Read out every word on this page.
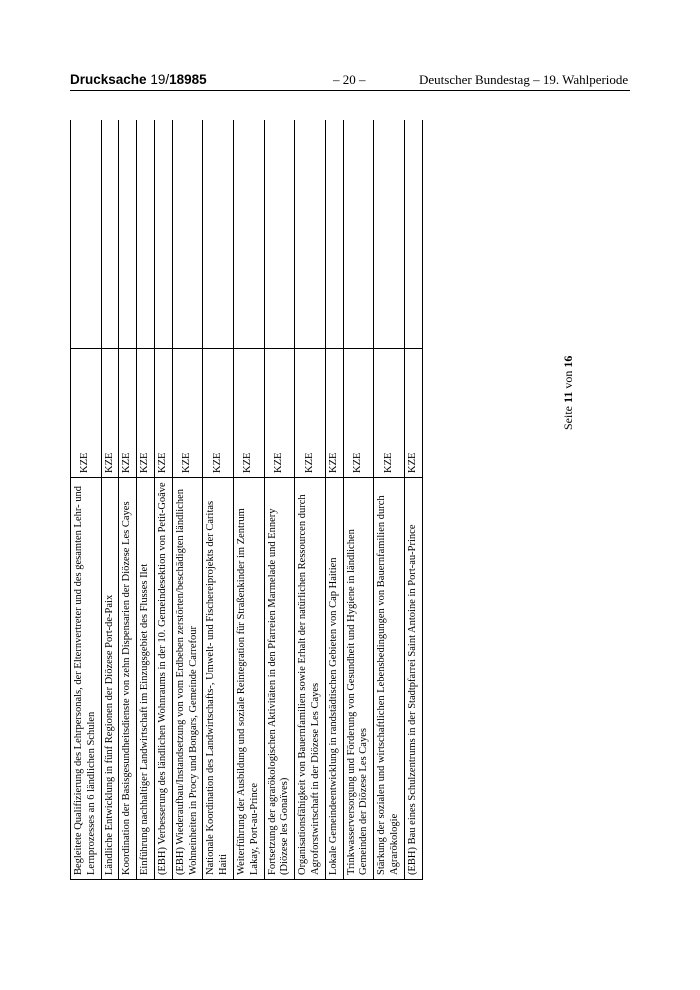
Drucksache 19/18985	– 20 –	Deutscher Bundestag – 19. Wahlperiode
Begleitete Qualifizierung des Lehrpersonals, der Elternvertreter und des gesamten Lehr- und Lernprozesses an 6 ländlichen Schulen	KZE	
Ländliche Entwicklung in fünf Regionen der Diözese Port-de-Paix	KZE	
Koordination der Basisgesundheitsdienste von zehn Dispensarien der Diözese Les Cayes	KZE	
Einführung nachhaltiger Landwirtschaft im Einzugsgebiet des Flusses Ilet	KZE	
(EBH) Verbesserung des ländlichen Wohnraums in der 10. Gemeindesektion von Petit-Goâve	KZE	
(EBH) Wiederaufbau/Instandsetzung von vom Erdbeben zerstörten/beschädigten ländlichen Wohneinheiten in Procy und Bongars, Gemeinde Carrefour	KZE	
Nationale Koordination des Landwirtschafts-, Umwelt- und Fischereiprojekts der Caritas Haiti	KZE	
Weiterführung der Ausbildung und soziale Reintegration für Straßenkinder im Zentrum Lakay, Port-au-Prince	KZE	
Fortsetzung der agrarökologischen Aktivitäten in den Pfarreien Marmelade und Ennery (Diözese les Gonaïves)	KZE	
Organisationsfähigkeit von Bauernfamilien sowie Erhalt der natürlichen Ressourcen durch Agroforstwirtschaft in der Diözese Les Cayes	KZE	
Lokale Gemeindeentwicklung in randstädtischen Gebieten von Cap Haitien	KZE	
Trinkwasserversorgung und Förderung von Gesundheit und Hygiene in ländlichen Gemeinden der Diözese Les Cayes	KZE	
Stärkung der sozialen und wirtschaftlichen Lebensbedingungen von Bauernfamilien durch Agrarökologie	KZE	
(EBH) Bau eines Schulzentrums in der Stadtpfarrei Saint Antoine in Port-au-Prince	KZE	
Seite 11 von 16
